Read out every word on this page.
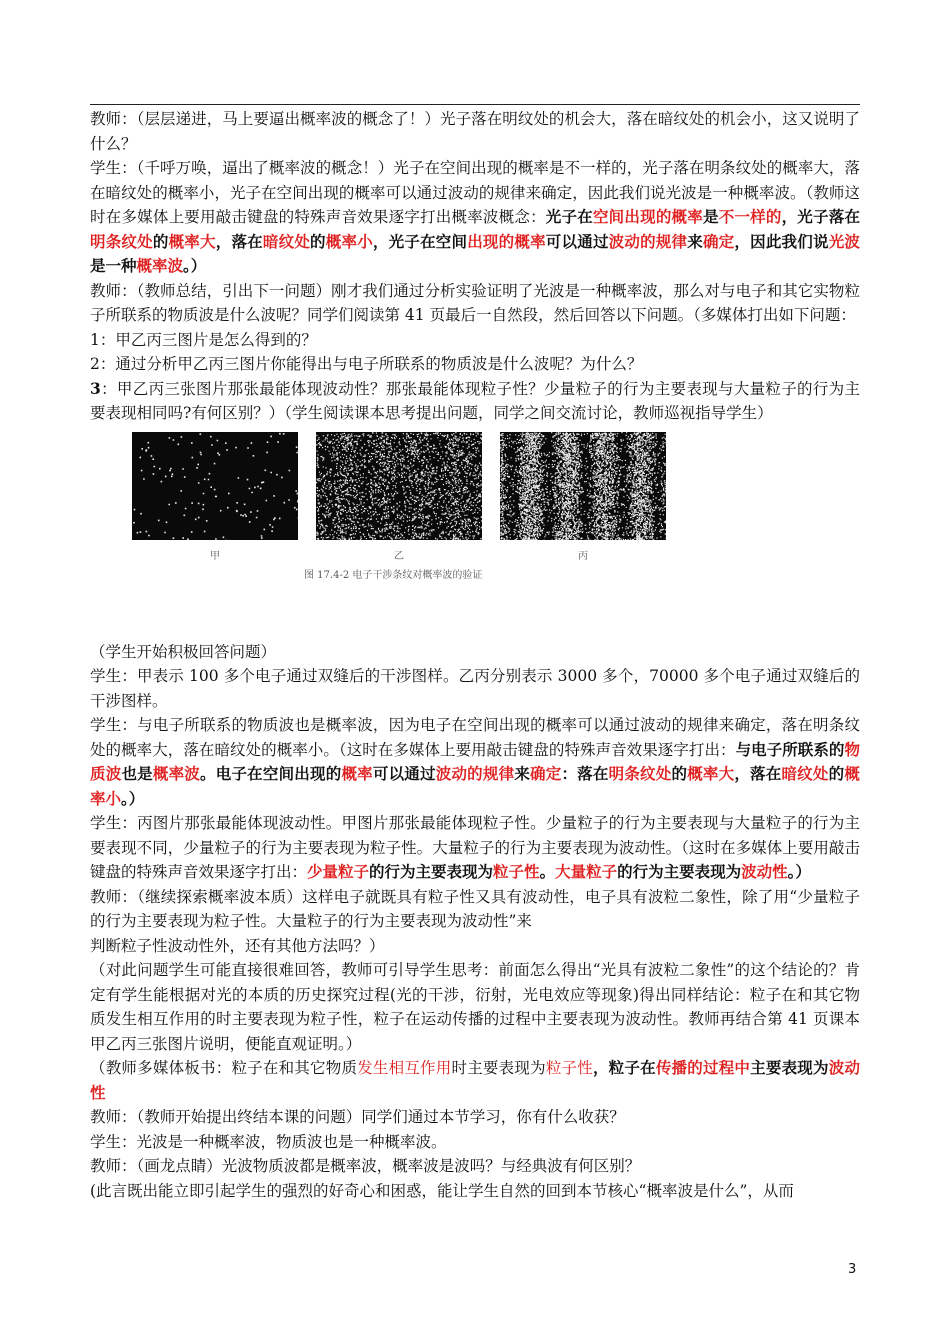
教师：（层层递进，马上要逼出概率波的概念了！）光子落在明纹处的机会大，落在暗纹处的机会小，这又说明了什么？
学生：（千呼万唤，逼出了概率波的概念！）光子在空间出现的概率是不一样的，光子落在明条纹处的概率大，落在暗纹处的概率小，光子在空间出现的概率可以通过波动的规律来确定，因此我们说光波是一种概率波。（教师这时在多媒体上要用敲击键盘的特殊声音效果逐字打出概率波概念：光子在空间出现的概率是不一样的，光子落在明条纹处的概率大，落在暗纹处的概率小，光子在空间出现的概率可以通过波动的规律来确定，因此我们说光波是一种概率波。）
教师：（教师总结，引出下一问题）刚才我们通过分析实验证明了光波是一种概率波，那么对与电子和其它实物粒子所联系的物质波是什么波呢？同学们阅读第 41 页最后一自然段，然后回答以下问题。（多媒体打出如下问题：
1：甲乙丙三图片是怎么得到的？
2：通过分析甲乙丙三图片你能得出与电子所联系的物质波是什么波呢？为什么？
3：甲乙丙三张图片那张最能体现波动性？那张最能体现粒子性？少量粒子的行为主要表现与大量粒子的行为主要表现相同吗?有何区别？）（学生阅读课本思考提出问题，同学之间交流讨论，教师巡视指导学生）
甲	乙	丙
图 17.4-2 电子干涉条纹对概率波的验证
（学生开始积极回答问题）
学生：甲表示 100 多个电子通过双缝后的干涉图样。乙丙分别表示 3000 多个，70000 多个电子通过双缝后的干涉图样。
学生：与电子所联系的物质波也是概率波，因为电子在空间出现的概率可以通过波动的规律来确定，落在明条纹处的概率大，落在暗纹处的概率小。（这时在多媒体上要用敲击键盘的特殊声音效果逐字打出：与电子所联系的物质波也是概率波。电子在空间出现的概率可以通过波动的规律来确定：落在明条纹处的概率大，落在暗纹处的概率小。）
学生：丙图片那张最能体现波动性。甲图片那张最能体现粒子性。少量粒子的行为主要表现与大量粒子的行为主要表现不同，少量粒子的行为主要表现为粒子性。大量粒子的行为主要表现为波动性。（这时在多媒体上要用敲击键盘的特殊声音效果逐字打出：少量粒子的行为主要表现为粒子性。大量粒子的行为主要表现为波动性。）
教师：（继续探索概率波本质）这样电子就既具有粒子性又具有波动性，电子具有波粒二象性，除了用“少量粒子的行为主要表现为粒子性。大量粒子的行为主要表现为波动性”来
判断粒子性波动性外，还有其他方法吗？）
（对此问题学生可能直接很难回答，教师可引导学生思考：前面怎么得出“光具有波粒二象性”的这个结论的？肯定有学生能根据对光的本质的历史探究过程(光的干涉，衍射，光电效应等现象)得出同样结论：粒子在和其它物质发生相互作用的时主要表现为粒子性，粒子在运动传播的过程中主要表现为波动性。教师再结合第 41 页课本甲乙丙三张图片说明，便能直观证明。）
（教师多媒体板书：粒子在和其它物质发生相互作用时主要表现为粒子性，粒子在传播的过程中主要表现为波动性
教师：（教师开始提出终结本课的问题）同学们通过本节学习，你有什么收获？
学生：光波是一种概率波，物质波也是一种概率波。
教师：（画龙点睛）光波物质波都是概率波，概率波是波吗？与经典波有何区别？
(此言既出能立即引起学生的强烈的好奇心和困惑，能让学生自然的回到本节核心“概率波是什么”，从而
3
